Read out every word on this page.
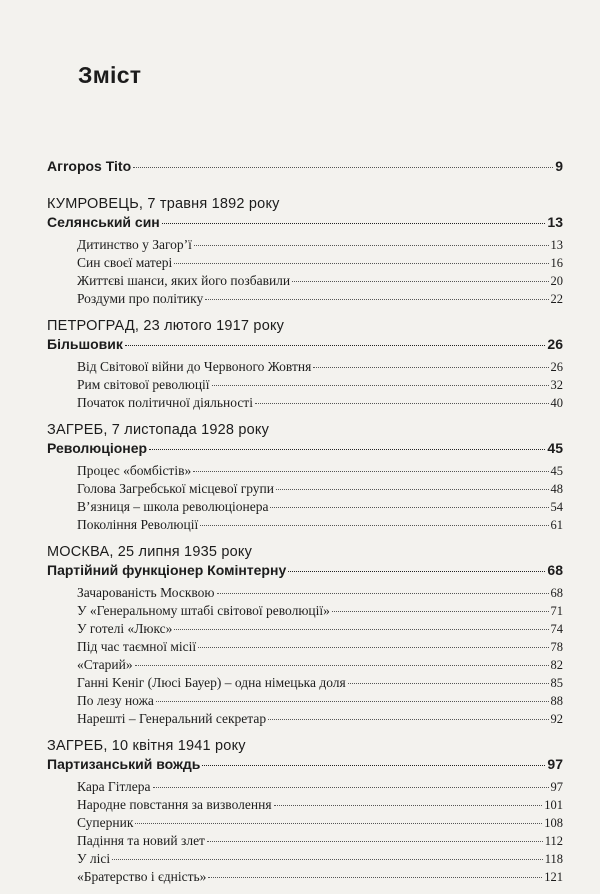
Зміст
Агropos Tito	9
КУМРОВЕЦЬ, 7 травня 1892 року
Селянський син	13
Дитинство у Загор’ї	13
Син своєї матері	16
Життєві шанси, яких його позбавили	20
Роздуми про політику	22
ПЕТРОГРАД, 23 лютого 1917 року
Більшовик	26
Від Світової війни до Червоного Жовтня	26
Рим світової революції	32
Початок політичної діяльності	40
ЗАГРЕБ, 7 листопада 1928 року
Революціонер	45
Процес «бомбістів»	45
Голова Загребської місцевої групи	48
В’язниця – школа революціонера	54
Покоління Революції	61
МОСКВА, 25 липня 1935 року
Партійний функціонер Комінтерну	68
Зачарованість Москвою	68
У «Генеральному штабі світової революції»	71
У готелі «Люкс»	74
Під час таємної місії	78
«Старий»	82
Ганні Keнiг (Люсі Бауер) – одна німецька доля	85
По лезу ножа	88
Нарешті – Генеральний секретар	92
ЗАГРЕБ, 10 квітня 1941 року
Партизанський вождь	97
Кара Гітлера	97
Народне повстання за визволення	101
Суперник	108
Падіння та новий злет	112
У лісі	118
«Братерство і єдність»	121
